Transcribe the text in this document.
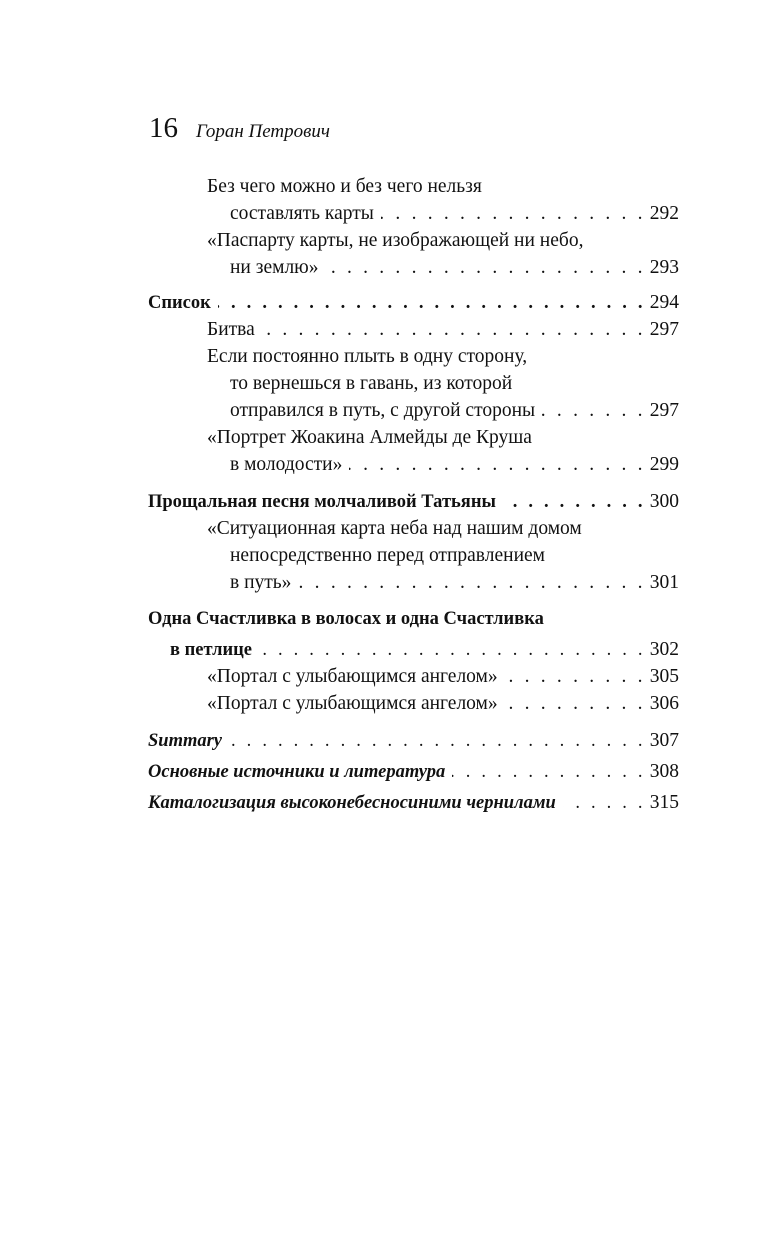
16 Горан Петрович
Без чего можно и без чего нельзя
составлять карты . . .	292
«Паспарту карты, не изображающей ни небо,
ни землю» . . .	293
Список . . .	294
Битва . . .	297
Если постоянно плыть в одну сторону,
то вернешься в гавань, из которой
отправился в путь, с другой стороны . . .	297
«Портрет Жоакина Алмейды де Круша
в молодости» . . .	299
Прощальная песня молчаливой Татьяны . . .	300
«Ситуационная карта неба над нашим домом
непосредственно перед отправлением
в путь» . . .	301
Одна Счастливка в волосах и одна Счастливка
в петлице . . .	302
«Портал с улыбающимся ангелом» . . .	305
«Портал с улыбающимся ангелом» . . .	306
Summary . . .	307
Основные источники и литература . . .	308
Каталогизация высоконебесносиними чернилами . . .	315
